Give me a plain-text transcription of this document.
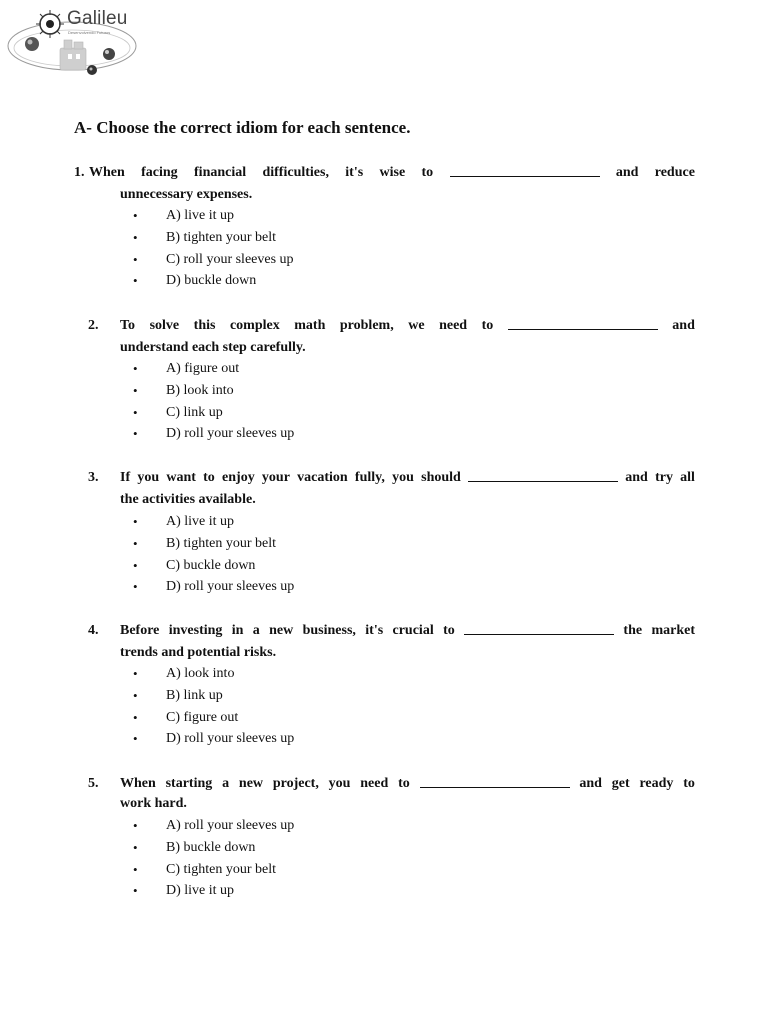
Galileu
Desenvolvendo Futuros
A- Choose the correct idiom for each sentence.
1. When facing financial difficulties, it's wise to	and reduce
unnecessary expenses.
• A) live it up
• B) tighten your belt
• C) roll your sleeves up
• D) buckle down
2. To solve this complex math problem, we need to	and
understand each step carefully.
• A) figure out
• B) look into
• C) link up
• D) roll your sleeves up
3. If you want to enjoy your vacation fully, you should	and try all
the activities available.
• A) live it up
• B) tighten your belt
• C) buckle down
• D) roll your sleeves up
4. Before investing in a new business, it's crucial to	the market
trends and potential risks.
• A) look into
• B) link up
• C) figure out
• D) roll your sleeves up
5. When starting a new project, you need to	and get ready to
work hard.
• A) roll your sleeves up
• B) buckle down
• C) tighten your belt
• D) live it up
